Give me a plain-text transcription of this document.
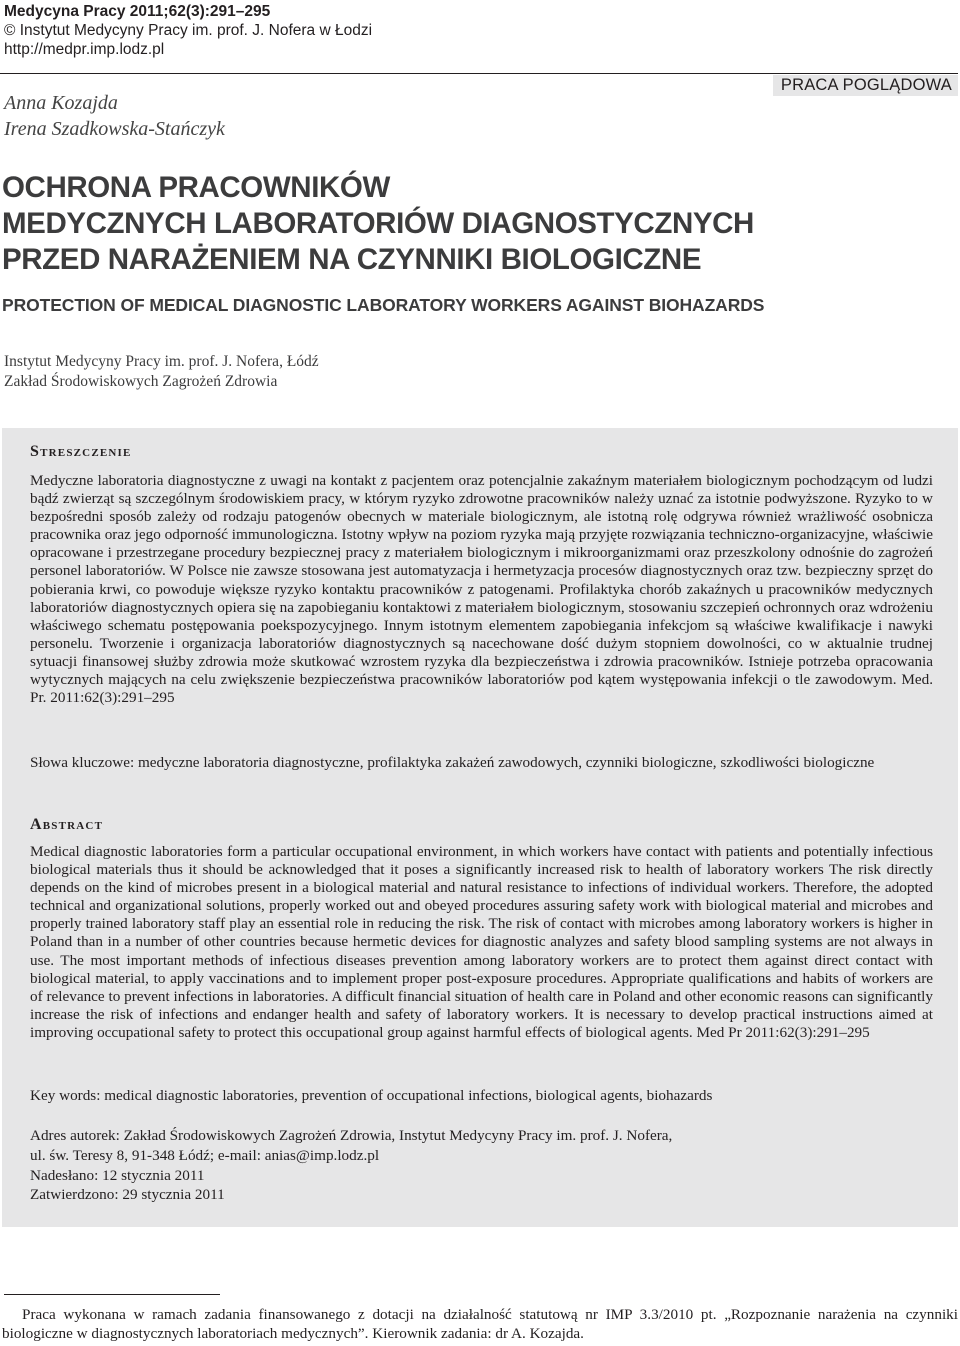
Medycyna Pracy 2011;62(3):291–295
© Instytut Medycyny Pracy im. prof. J. Nofera w Łodzi
http://medpr.imp.lodz.pl
PRACA POGLĄDOWA
Anna Kozajda
Irena Szadkowska-Stańczyk
OCHRONA PRACOWNIKÓW
MEDYCZNYCH LABORATORIÓW DIAGNOSTYCZNYCH
PRZED NARAŻENIEM NA CZYNNIKI BIOLOGICZNE
PROTECTION OF MEDICAL DIAGNOSTIC LABORATORY WORKERS AGAINST BIOHAZARDS
Instytut Medycyny Pracy im. prof. J. Nofera, Łódź
Zakład Środowiskowych Zagrożeń Zdrowia
Streszczenie

Medyczne laboratoria diagnostyczne z uwagi na kontakt z pacjentem oraz potencjalnie zakaźnym materiałem biologicznym pochodzącym od ludzi bądź zwierząt są szczególnym środowiskiem pracy, w którym ryzyko zdrowotne pracowników należy uznać za istotnie podwyższone. Ryzyko to w bezpośredni sposób zależy od rodzaju patogenów obecnych w materiale biologicznym, ale istotną rolę odgrywa również wrażliwość osobnicza pracownika oraz jego odporność immunologiczna. Istotny wpływ na poziom ryzyka mają przyjęte rozwiązania techniczno-organizacyjne, właściwie opracowane i przestrzegane procedury bezpiecznej pracy z materiałem biologicznym i mikroorganizmami oraz przeszkolony odnośnie do zagrożeń personel laboratoriów. W Polsce nie zawsze stosowana jest automatyzacja i hermetyzacja procesów diagnostycznych oraz tzw. bezpieczny sprzęt do pobierania krwi, co powoduje większe ryzyko kontaktu pracowników z patogenami. Profilaktyka chorób zakaźnych u pracowników medycznych laboratoriów diagnostycznych opiera się na zapobieganiu kontaktowi z materiałem biologicznym, stosowaniu szczepień ochronnych oraz wdrożeniu właściwego schematu postępowania poekspozycyjnego. Innym istotnym elementem zapobiegania infekcjom są właściwe kwalifikacje i nawyki personelu. Tworzenie i organizacja laboratoriów diagnostycznych są nacechowane dość dużym stopniem dowolności, co w aktualnie trudnej sytuacji finansowej służby zdrowia może skutkować wzrostem ryzyka dla bezpieczeństwa i zdrowia pracowników. Istnieje potrzeba opracowania wytycznych mających na celu zwiększenie bezpieczeństwa pracowników laboratoriów pod kątem występowania infekcji o tle zawodowym. Med. Pr. 2011:62(3):291–295

Słowa kluczowe: medyczne laboratoria diagnostyczne, profilaktyka zakażeń zawodowych, czynniki biologiczne, szkodliwości biologiczne

Abstract

Medical diagnostic laboratories form a particular occupational environment, in which workers have contact with patients and potentially infectious biological materials thus it should be acknowledged that it poses a significantly increased risk to health of laboratory workers The risk directly depends on the kind of microbes present in a biological material and natural resistance to infections of individual workers. Therefore, the adopted technical and organizational solutions, properly worked out and obeyed procedures assuring safety work with biological material and microbes and properly trained laboratory staff play an essential role in reducing the risk. The risk of contact with microbes among laboratory workers is higher in Poland than in a number of other countries because hermetic devices for diagnostic analyzes and safety blood sampling systems are not always in use. The most important methods of infectious diseases prevention among laboratory workers are to protect them against direct contact with biological material, to apply vaccinations and to implement proper post-exposure procedures. Appropriate qualifications and habits of workers are of relevance to prevent infections in laboratories. A difficult financial situation of health care in Poland and other economic reasons can significantly increase the risk of infections and endanger health and safety of laboratory workers. It is necessary to develop practical instructions aimed at improving occupational safety to protect this occupational group against harmful effects of biological agents. Med Pr 2011:62(3):291–295

Key words: medical diagnostic laboratories, prevention of occupational infections, biological agents, biohazards

Adres autorek: Zakład Środowiskowych Zagrożeń Zdrowia, Instytut Medycyny Pracy im. prof. J. Nofera,
ul. św. Teresy 8, 91-348 Łódź; e-mail: anias@imp.lodz.pl
Nadesłano: 12 stycznia 2011
Zatwierdzono: 29 stycznia 2011

Praca wykonana w ramach zadania finansowanego z dotacji na działalność statutową nr IMP 3.3/2010 pt. „Rozpoznanie narażenia na czynniki biologiczne w diagnostycznych laboratoriach medycznych”. Kierownik zadania: dr A. Kozajda.
